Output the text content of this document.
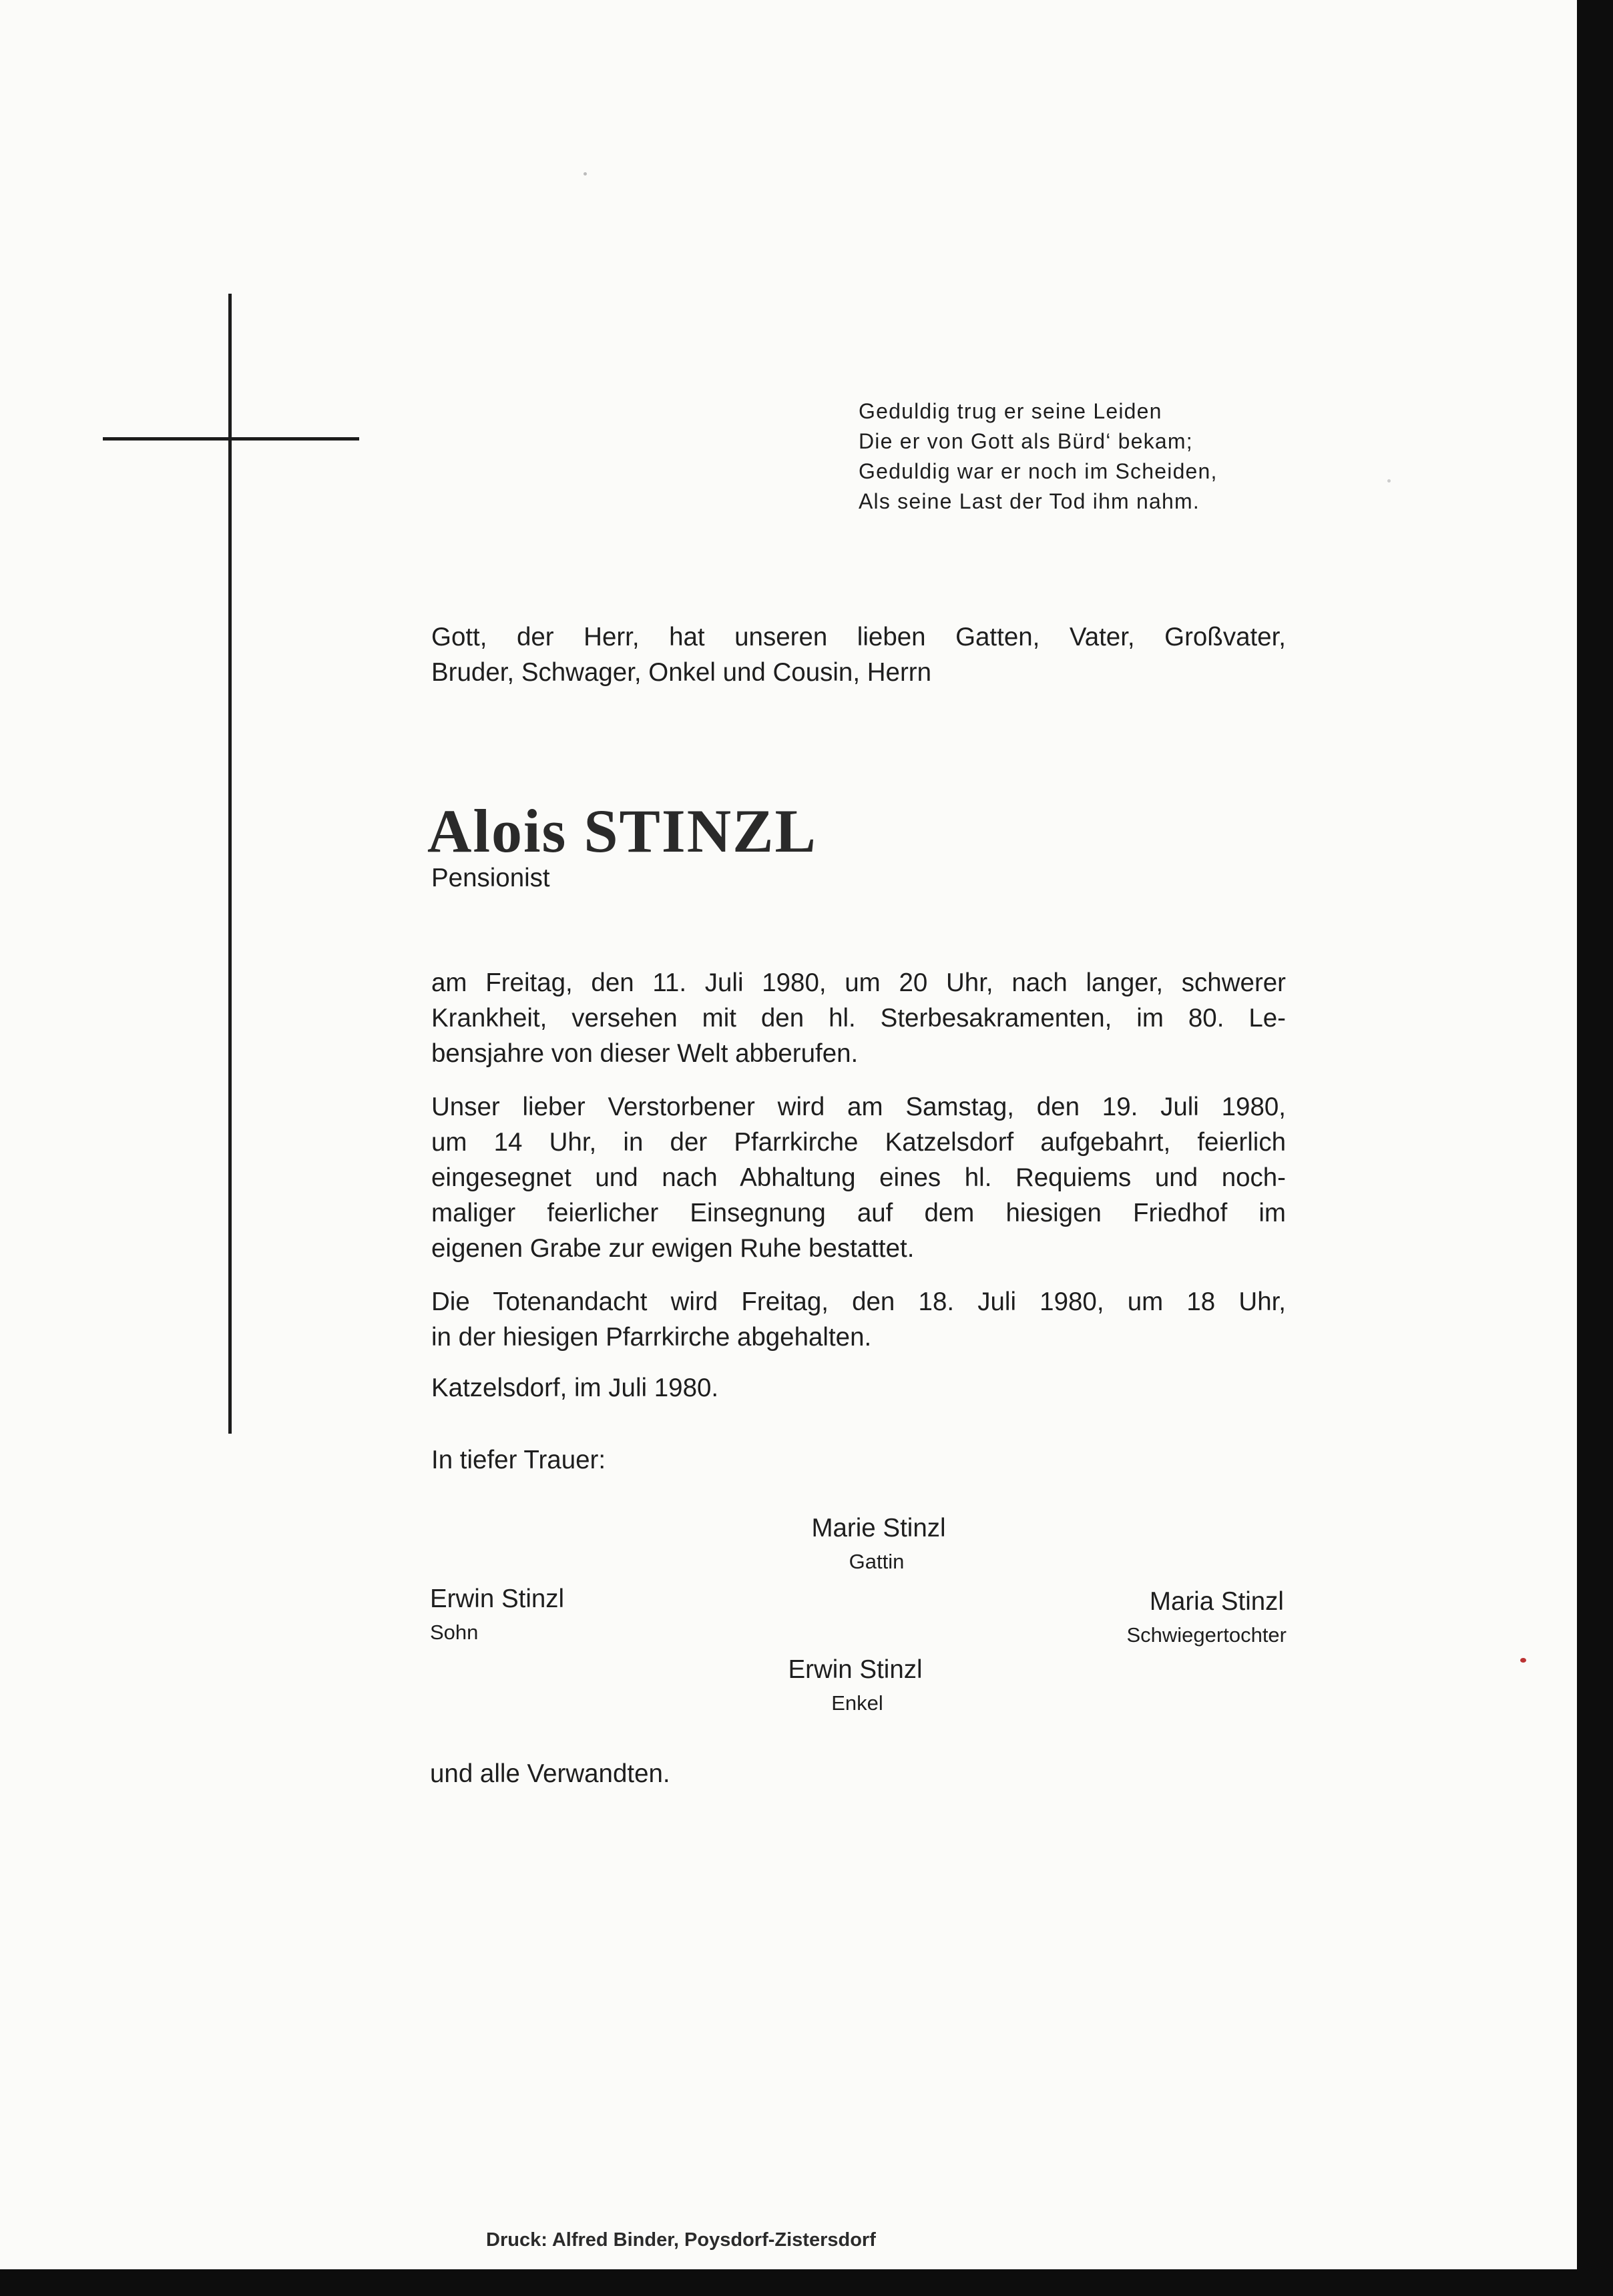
Geduldig trug er seine Leiden
Die er von Gott als Bürd‘ bekam;
Geduldig war er noch im Scheiden,
Als seine Last der Tod ihm nahm.
Gott, der Herr, hat unseren lieben Gatten, Vater, Großvater,
Bruder, Schwager, Onkel und Cousin, Herrn
Alois STINZL
Pensionist
am Freitag, den 11. Juli 1980, um 20 Uhr, nach langer, schwerer
Krankheit, versehen mit den hl. Sterbesakramenten, im 80. Le-
bensjahre von dieser Welt abberufen.
Unser lieber Verstorbener wird am Samstag, den 19. Juli 1980,
um 14 Uhr, in der Pfarrkirche Katzelsdorf aufgebahrt, feierlich
eingesegnet und nach Abhaltung eines hl. Requiems und noch-
maliger feierlicher Einsegnung auf dem hiesigen Friedhof im
eigenen Grabe zur ewigen Ruhe bestattet.
Die Totenandacht wird Freitag, den 18. Juli 1980, um 18 Uhr,
in der hiesigen Pfarrkirche abgehalten.
Katzelsdorf, im Juli 1980.
In tiefer Trauer:
Marie Stinzl
Gattin
Erwin Stinzl
Sohn
Maria Stinzl
Schwiegertochter
Erwin Stinzl
Enkel
und alle Verwandten.
Druck: Alfred Binder, Poysdorf-Zistersdorf
